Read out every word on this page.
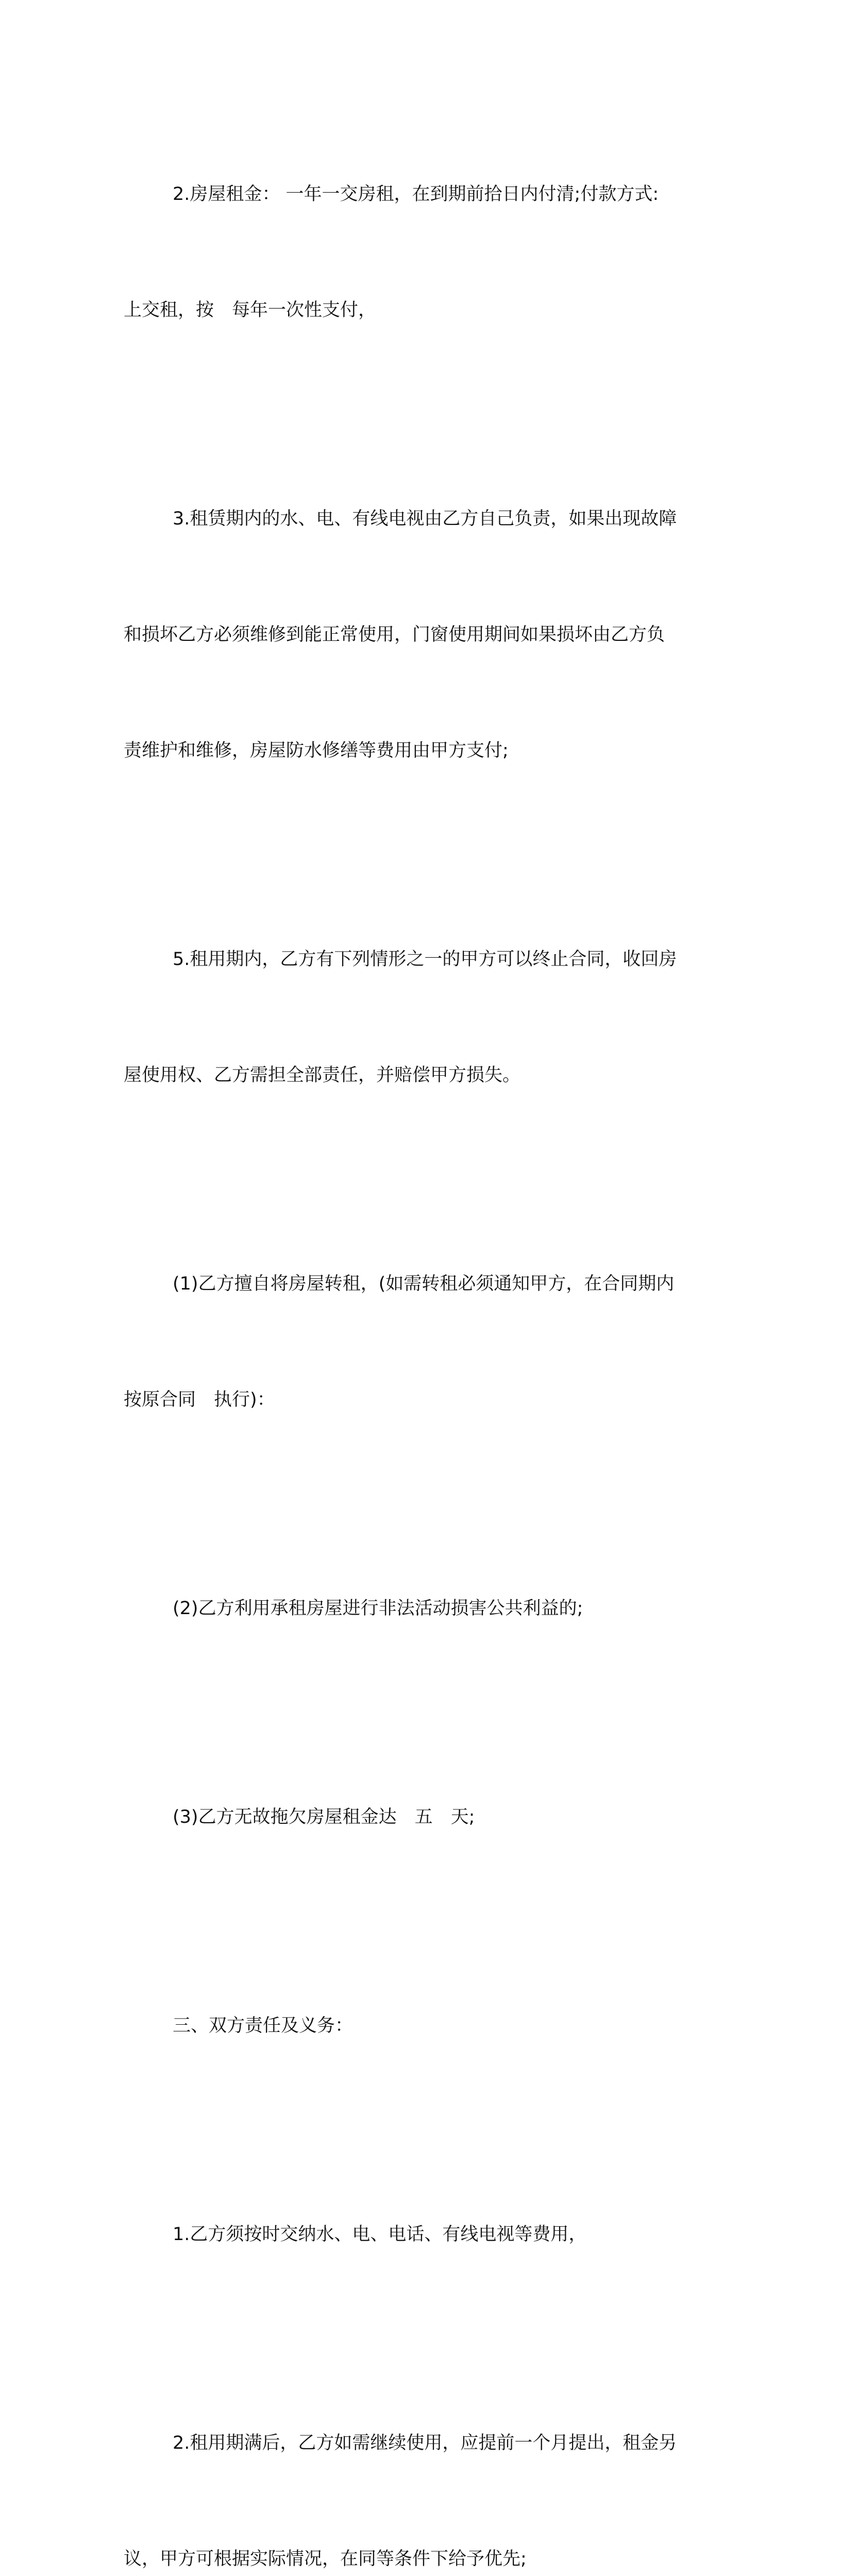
2.房屋租金： 一年一交房租，在到期前拾日内付清;付款方式:

上交租，按　每年一次性支付，

3.租赁期内的水、电、有线电视由乙方自己负责，如果出现故障

和损坏乙方必须维修到能正常使用，门窗使用期间如果损坏由乙方负

责维护和维修，房屋防水修缮等费用由甲方支付;

5.租用期内，乙方有下列情形之一的甲方可以终止合同，收回房

屋使用权、乙方需担全部责任，并赔偿甲方损失。

(1)乙方擅自将房屋转租，(如需转租必须通知甲方，在合同期内

按原合同　执行)：

(2)乙方利用承租房屋进行非法活动损害公共利益的;

(3)乙方无故拖欠房屋租金达　五　天;

三、双方责任及义务：

1.乙方须按时交纳水、电、电话、有线电视等费用，

2.租用期满后，乙方如需继续使用，应提前一个月提出，租金另

议，甲方可根据实际情况，在同等条件下给予优先;
